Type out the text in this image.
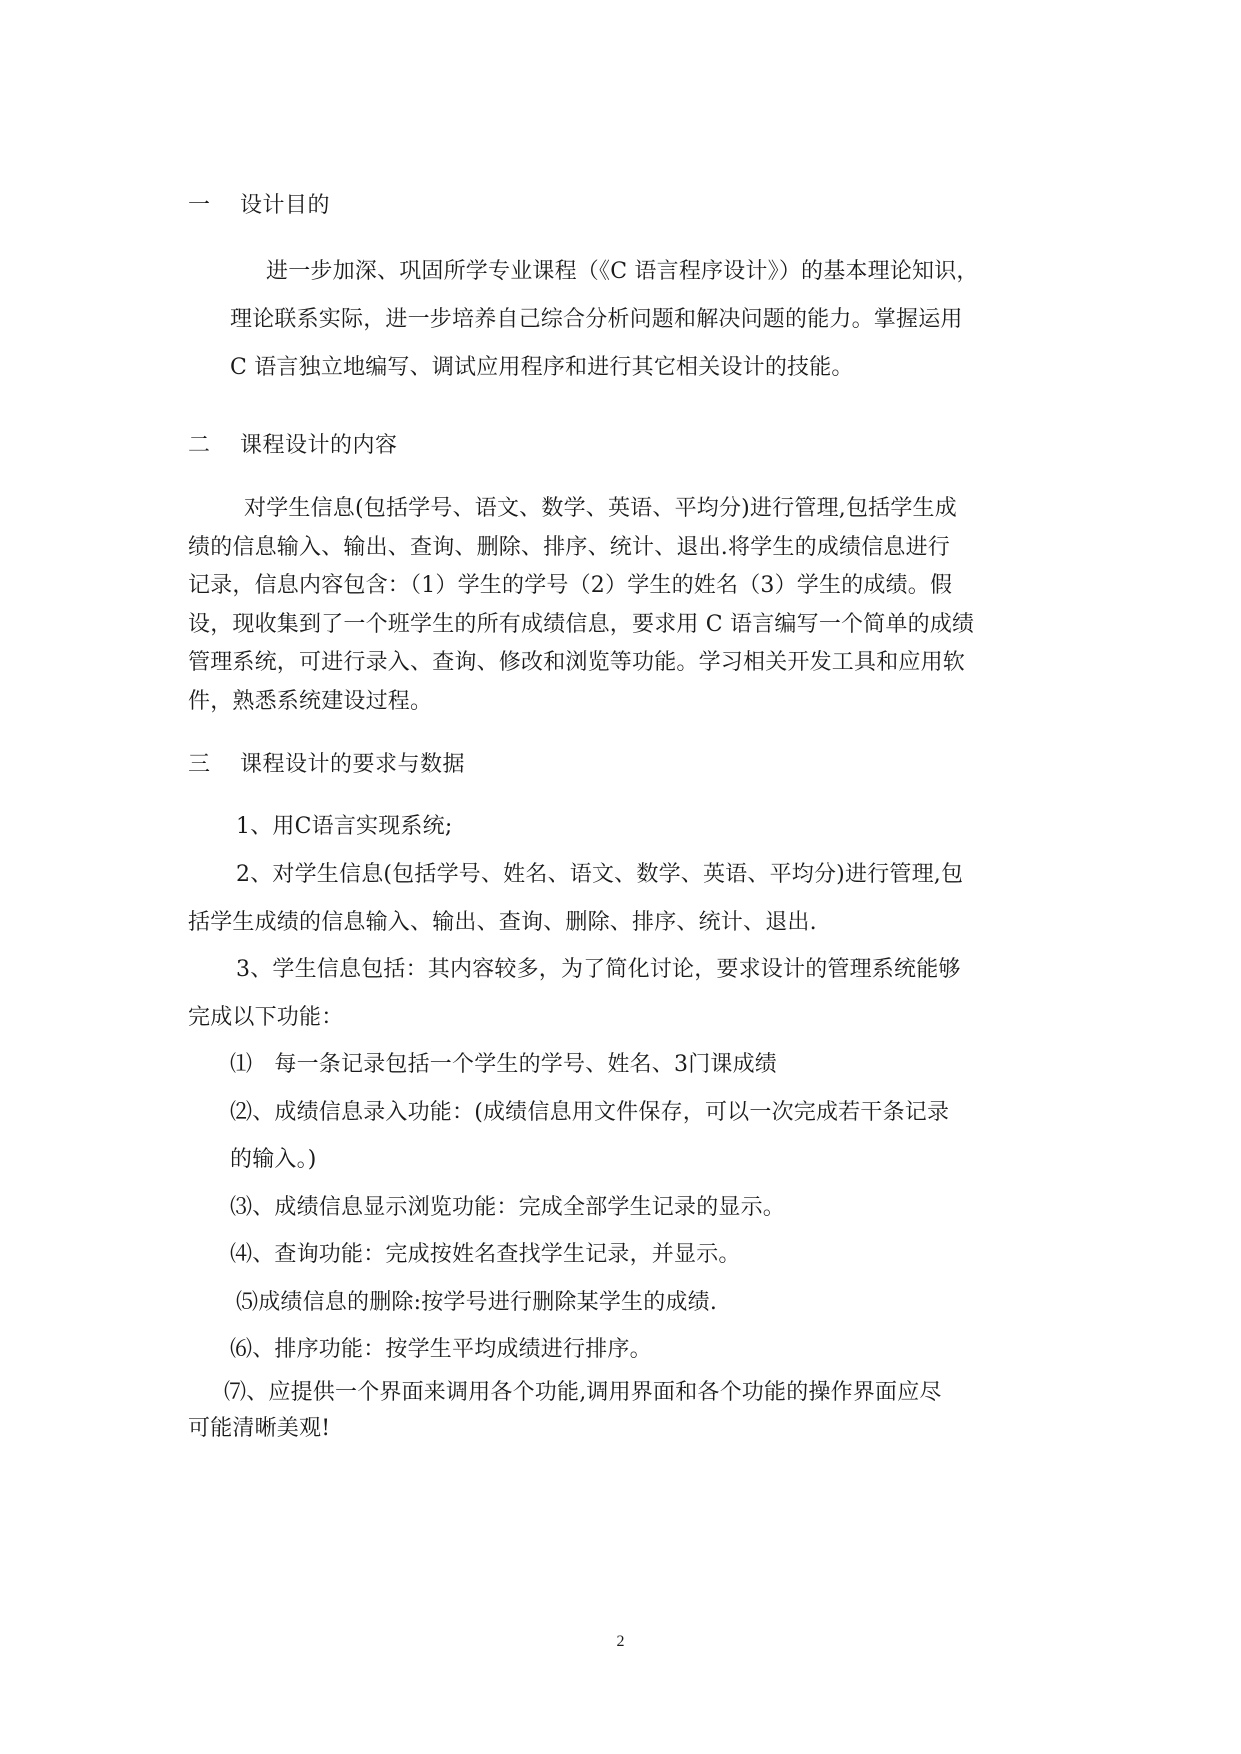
一 设计目的
进一步加深、巩固所学专业课程（《C 语言程序设计》）的基本理论知识，
理论联系实际，进一步培养自己综合分析问题和解决问题的能力。掌握运用
C 语言独立地编写、调试应用程序和进行其它相关设计的技能。
二 课程设计的内容
对学生信息(包括学号、语文、数学、英语、平均分)进行管理,包括学生成
绩的信息输入、输出、查询、删除、排序、统计、退出.将学生的成绩信息进行
记录，信息内容包含：（1）学生的学号（2）学生的姓名（3）学生的成绩。假
设，现收集到了一个班学生的所有成绩信息，要求用 C 语言编写一个简单的成绩
管理系统，可进行录入、查询、修改和浏览等功能。学习相关开发工具和应用软
件，熟悉系统建设过程。
三 课程设计的要求与数据
1、用C语言实现系统;
2、对学生信息(包括学号、姓名、语文、数学、英语、平均分)进行管理,包
括学生成绩的信息输入、输出、查询、删除、排序、统计、退出.
3、学生信息包括：其内容较多，为了简化讨论，要求设计的管理系统能够
完成以下功能：
⑴　每一条记录包括一个学生的学号、姓名、3门课成绩
⑵、成绩信息录入功能：(成绩信息用文件保存，可以一次完成若干条记录
的输入。)
⑶、成绩信息显示浏览功能：完成全部学生记录的显示。
⑷、查询功能：完成按姓名查找学生记录，并显示。
⑸成绩信息的删除:按学号进行删除某学生的成绩.
⑹、排序功能：按学生平均成绩进行排序。
⑺、应提供一个界面来调用各个功能,调用界面和各个功能的操作界面应尽
可能清晰美观!
2
